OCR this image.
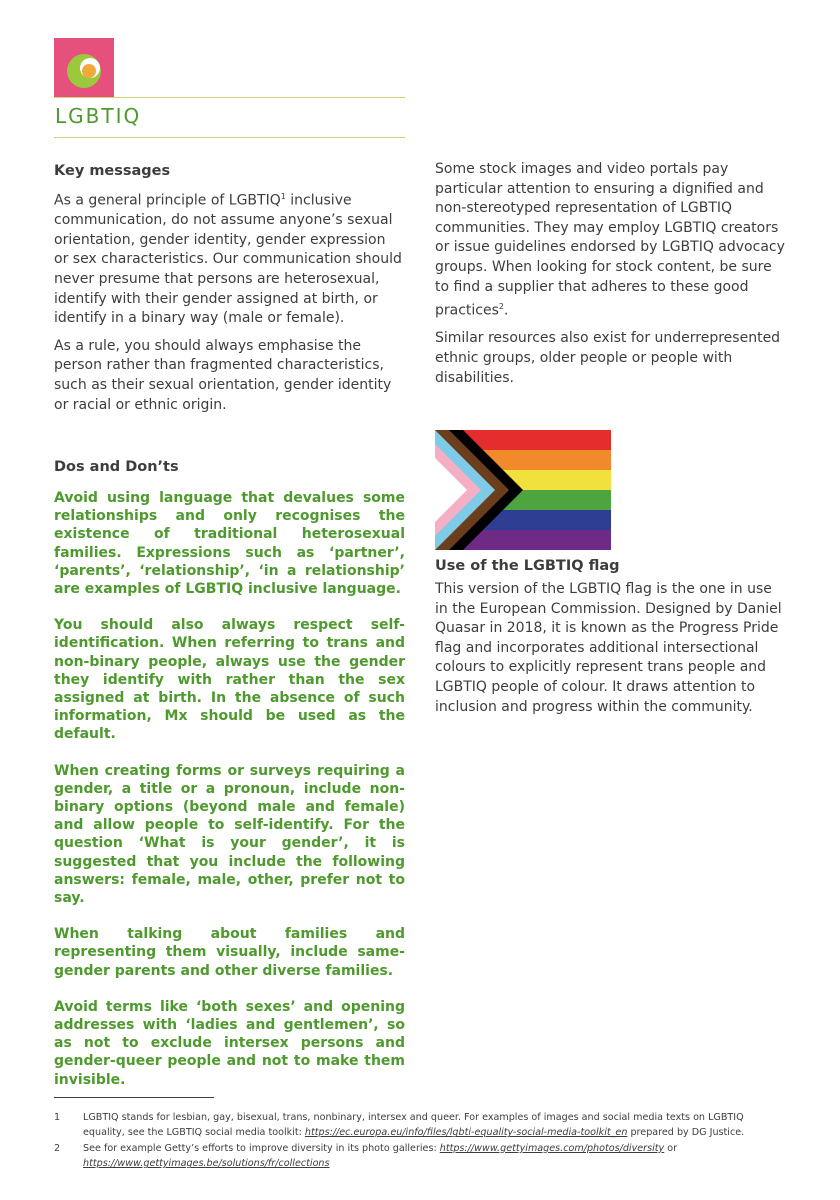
LGBTIQ
Key messages

As a general principle of LGBTIQ$^1$ inclusive communication, do not assume anyone’s sexual orientation, gender identity, gender expression or sex characteristics. Our communication should never presume that persons are heterosexual, identify with their gender assigned at birth, or identify in a binary way (male or female).

As a rule, you should always emphasise the person rather than fragmented characteristics, such as their sexual orientation, gender identity or racial or ethnic origin.

Dos and Don’ts

Avoid using language that devalues some relationships and only recognises the existence of traditional heterosexual families. Expressions such as ‘partner’, ‘parents’, ‘relationship’, ‘in a relationship’ are examples of LGBTIQ inclusive language.

You should also always respect self-identification. When referring to trans and non-binary people, always use the gender they identify with rather than the sex assigned at birth. In the absence of such information, Mx should be used as the default.

When creating forms or surveys requiring a gender, a title or a pronoun, include non-binary options (beyond male and female) and allow people to self-identify. For the question ‘What is your gender’, it is suggested that you include the following answers: female, male, other, prefer not to say.

When talking about families and representing them visually, include same-gender parents and other diverse families.

Avoid terms like ‘both sexes’ and opening addresses with ‘ladies and gentlemen’, so as not to exclude intersex persons and gender-queer people and not to make them invisible.

Some stock images and video portals pay particular attention to ensuring a dignified and non-stereotyped representation of LGBTIQ communities. They may employ LGBTIQ creators or issue guidelines endorsed by LGBTIQ advocacy groups. When looking for stock content, be sure to find a supplier that adheres to these good practices$^2$.

Similar resources also exist for underrepresented ethnic groups, older people or people with disabilities.

Use of the LGBTIQ flag

This version of the LGBTIQ flag is the one in use in the European Commission. Designed by Daniel Quasar in 2018, it is known as the Progress Pride flag and incorporates additional intersectional colours to explicitly represent trans people and LGBTIQ people of colour. It draws attention to inclusion and progress within the community.

1	LGBTIQ stands for lesbian, gay, bisexual, trans, nonbinary, intersex and queer. For examples of images and social media texts on LGBTIQ equality, see the LGBTIQ social media toolkit: https://ec.europa.eu/info/files/lgbti-equality-social-media-toolkit_en prepared by DG Justice.
2	See for example Getty’s efforts to improve diversity in its photo galleries: https://www.gettyimages.com/photos/diversity or
https://www.gettyimages.be/solutions/fr/collections
